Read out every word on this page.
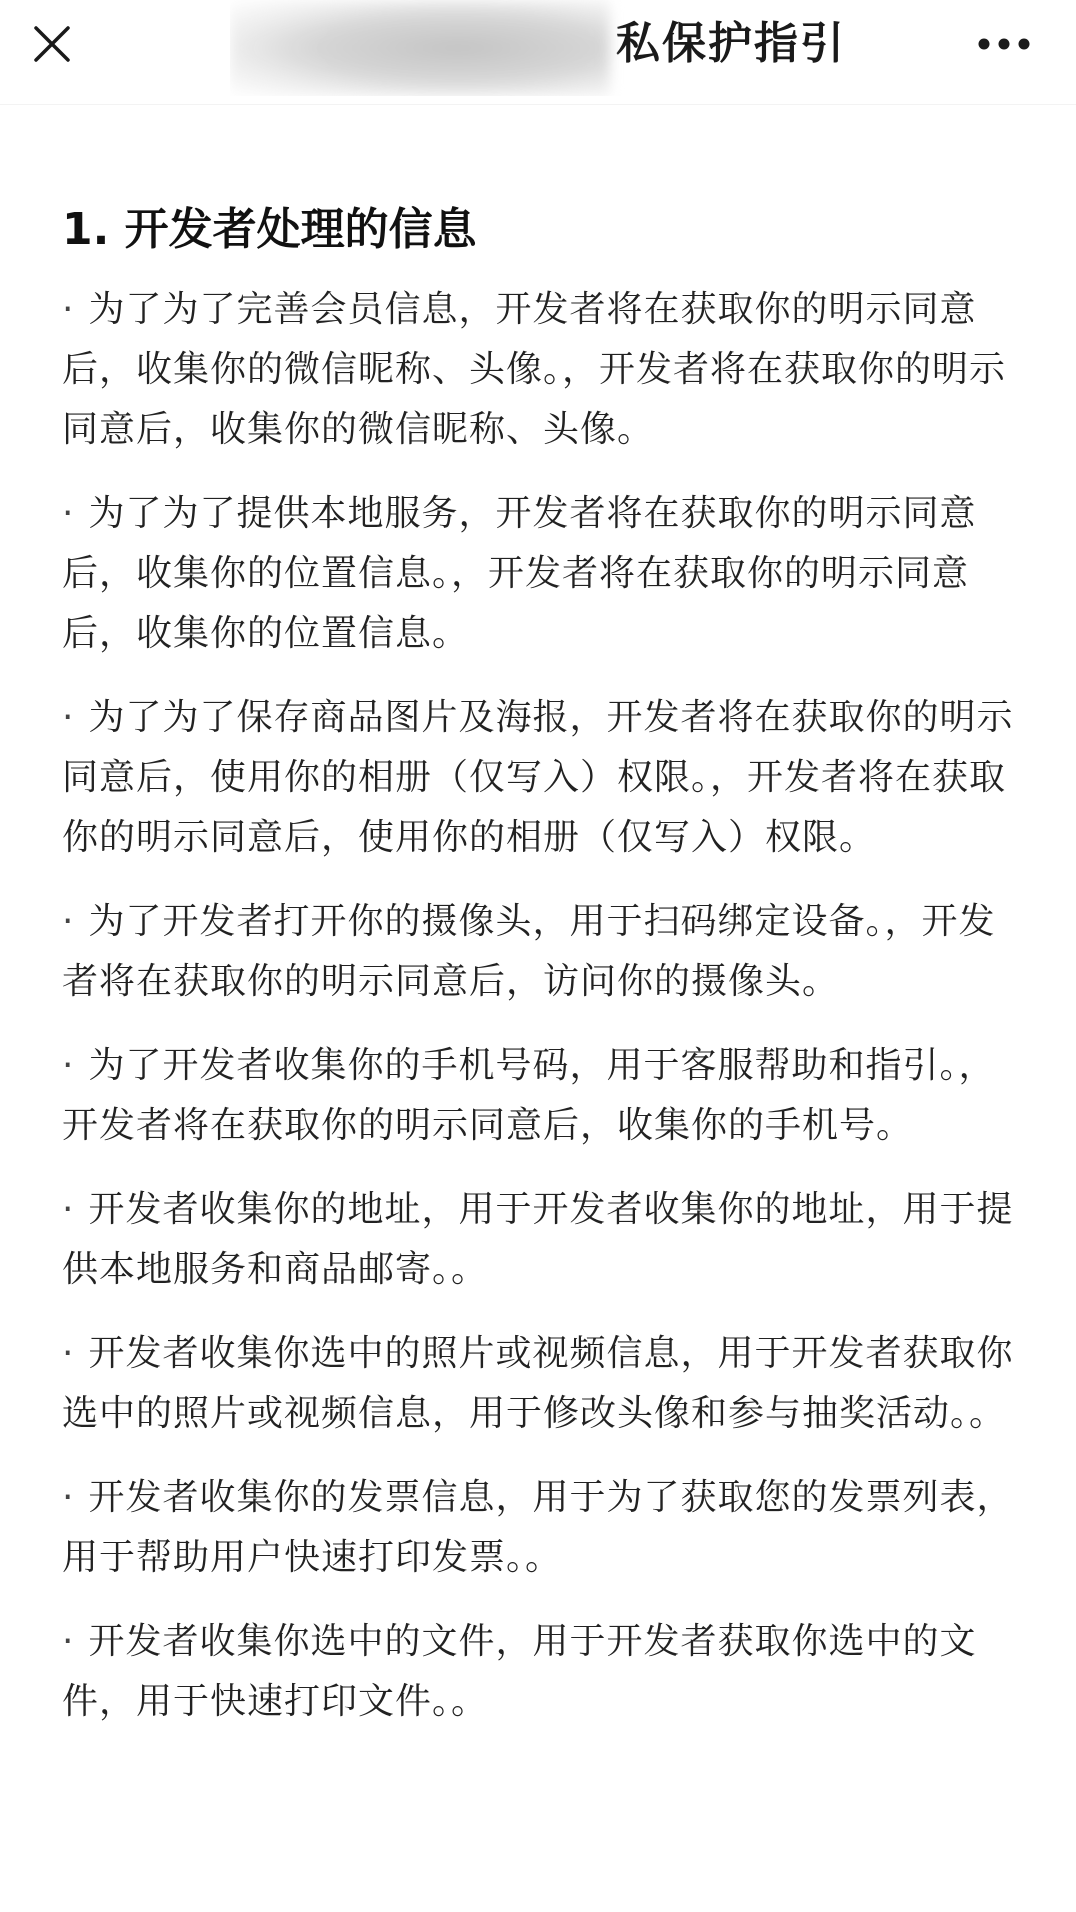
私保护指引
1. 开发者处理的信息
· 为了为了完善会员信息，开发者将在获取你的明示同意后，收集你的微信昵称、头像。，开发者将在获取你的明示同意后，收集你的微信昵称、头像。
· 为了为了提供本地服务，开发者将在获取你的明示同意后，收集你的位置信息。，开发者将在获取你的明示同意后，收集你的位置信息。
· 为了为了保存商品图片及海报，开发者将在获取你的明示同意后，使用你的相册（仅写入）权限。，开发者将在获取你的明示同意后，使用你的相册（仅写入）权限。
· 为了开发者打开你的摄像头，用于扫码绑定设备。，开发者将在获取你的明示同意后，访问你的摄像头。
· 为了开发者收集你的手机号码，用于客服帮助和指引。，开发者将在获取你的明示同意后，收集你的手机号。
· 开发者收集你的地址，用于开发者收集你的地址，用于提供本地服务和商品邮寄。。
· 开发者收集你选中的照片或视频信息，用于开发者获取你选中的照片或视频信息，用于修改头像和参与抽奖活动。。
· 开发者收集你的发票信息，用于为了获取您的发票列表，用于帮助用户快速打印发票。。
· 开发者收集你选中的文件，用于开发者获取你选中的文件，用于快速打印文件。。
